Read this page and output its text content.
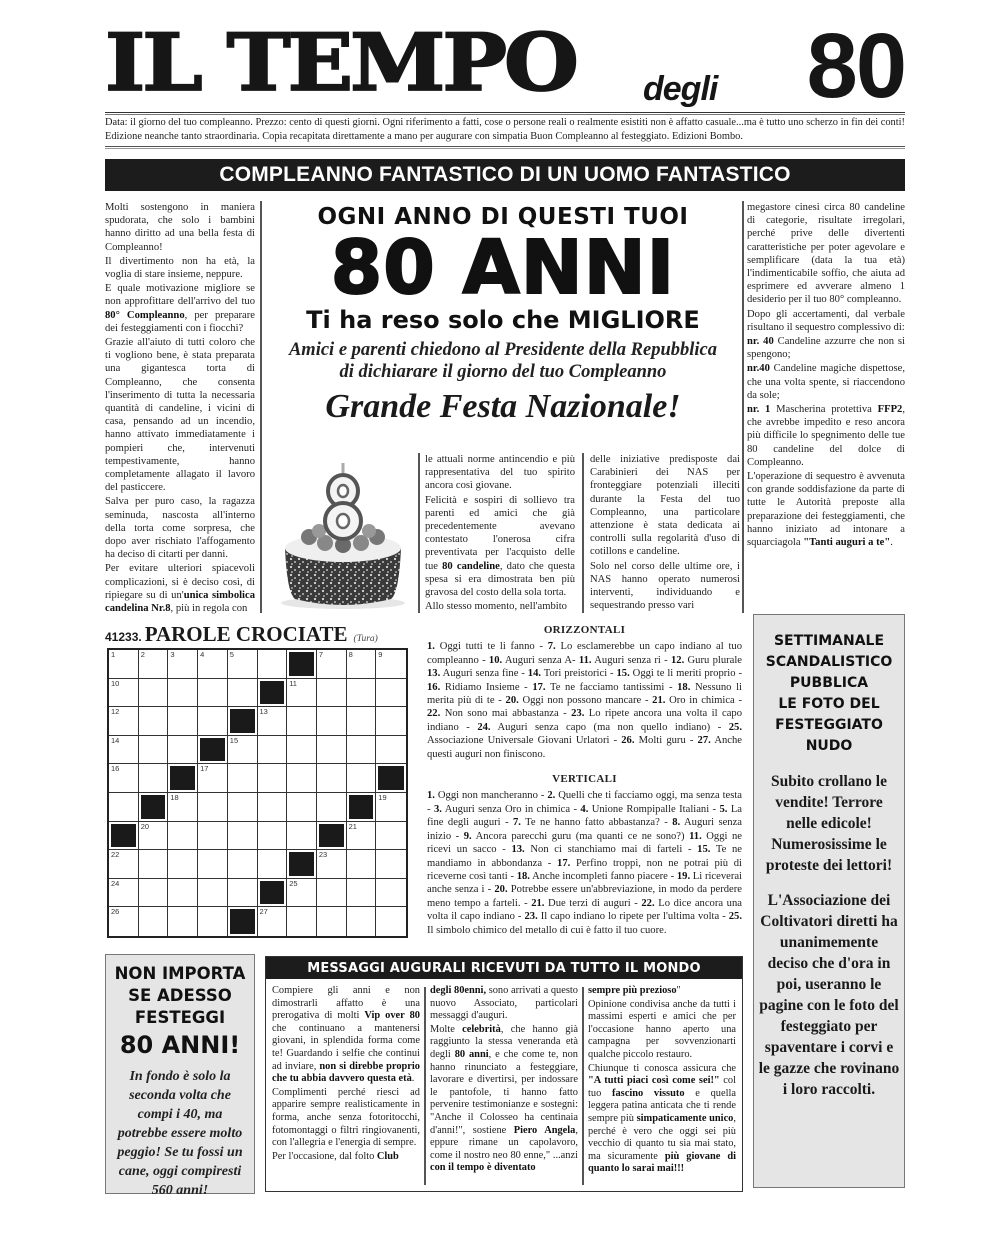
IL TEMPO degli 80
Data: il giorno del tuo compleanno. Prezzo: cento di questi giorni. Ogni riferimento a fatti, cose o persone reali o realmente esistiti non è affatto casuale...ma è tutto uno scherzo in fin dei conti! Edizione neanche tanto straordinaria. Copia recapitata direttamente a mano per augurare con simpatia Buon Compleanno al festeggiato. Edizioni Bombo.
COMPLEANNO FANTASTICO DI UN UOMO FANTASTICO

Molti sostengono in maniera spudorata, che solo i bambini hanno diritto ad una bella festa di Compleanno!

Il divertimento non ha età, la voglia di stare insieme, neppure.

E quale motivazione migliore se non approfittare dell'arrivo del tuo 80° Compleanno, per preparare dei festeggiamenti con i fiocchi?

Grazie all'aiuto di tutti coloro che ti vogliono bene, è stata preparata una gigantesca torta di Compleanno, che consenta l'inserimento di tutta la necessaria quantità di candeline, i vicini di casa, pensando ad un incendio, hanno attivato immediatamente i pompieri che, intervenuti tempestivamente, hanno completamente allagato il lavoro del pasticcere.

Salva per puro caso, la ragazza seminuda, nascosta all'interno della torta come sorpresa, che dopo aver rischiato l'affogamento ha deciso di citarti per danni.

Per evitare ulteriori spiacevoli complicazioni, si è deciso così, di ripiegare su di un'unica simbolica candelina Nr.8, più in regola con

OGNI ANNO DI QUESTI TUOI
80 ANNI
Ti ha reso solo che MIGLIORE
Amici e parenti chiedono al Presidente della Repubblica
di dichiarare il giorno del tuo Compleanno
Grande Festa Nazionale!

le attuali norme antincendio e più rappresentativa del tuo spirito ancora così giovane.

Felicità e sospiri di sollievo tra parenti ed amici che già precedentemente avevano contestato l'onerosa cifra preventivata per l'acquisto delle tue 80 candeline, dato che questa spesa si era dimostrata ben più gravosa del costo della sola torta.

Allo stesso momento, nell'ambito

delle iniziative predisposte dai Carabinieri dei NAS per fronteggiare potenziali illeciti durante la Festa del tuo Compleanno, una particolare attenzione è stata dedicata ai controlli sulla regolarità d'uso di cotillons e candeline.

Solo nel corso delle ultime ore, i NAS hanno operato numerosi interventi, individuando e sequestrando presso vari

megastore cinesi circa 80 candeline di categorie, risultate irregolari, perché prive delle divertenti caratteristiche per poter agevolare e semplificare (data la tua età) l'indimenticabile soffio, che aiuta ad esprimere ed avverare almeno 1 desiderio per il tuo 80° compleanno.

Dopo gli accertamenti, dal verbale risultano il sequestro complessivo di:

nr. 40 Candeline azzurre che non si spengono;

nr.40 Candeline magiche dispettose, che una volta spente, si riaccendono da sole;

nr. 1 Mascherina protettiva FFP2, che avrebbe impedito e reso ancora più difficile lo spegnimento delle tue 80 candeline del dolce di Compleanno.

L'operazione di sequestro è avvenuta con grande soddisfazione da parte di tutte le Autorità preposte alla preparazione dei festeggiamenti, che hanno iniziato ad intonare a squarciagola "Tanti auguri a te".

41233. PAROLE CROCIATE (Tura)
1	2	3	4	5	7	8	9
10	11
12	13
14	15
16	17
18	19
20	21
22	23
24	25
26	27
ORIZZONTALI
1. Oggi tutti te li fanno - 7. Lo esclamerebbe un capo indiano al tuo compleanno - 10. Auguri senza A- 11. Auguri senza ri - 12. Guru plurale 13. Auguri senza fine - 14. Tori preistorici - 15. Oggi te li meriti proprio - 16. Ridiamo Insieme - 17. Te ne facciamo tantissimi - 18. Nessuno li merita più di te - 20. Oggi non possono mancare - 21. Oro in chimica - 22. Non sono mai abbastanza - 23. Lo ripete ancora una volta il capo indiano - 24. Auguri senza capo (ma non quello indiano) - 25. Associazione Universale Giovani Urlatori - 26. Molti guru - 27. Anche questi auguri non finiscono.
VERTICALI
1. Oggi non mancheranno - 2. Quelli che ti facciamo oggi, ma senza testa - 3. Auguri senza Oro in chimica - 4. Unione Rompipalle Italiani - 5. La fine degli auguri - 7. Te ne hanno fatto abbastanza? - 8. Auguri senza inizio - 9. Ancora parecchi guru (ma quanti ce ne sono?) 11. Oggi ne ricevi un sacco - 13. Non ci stanchiamo mai di farteli - 15. Te ne mandiamo in abbondanza - 17. Perfino troppi, non ne potrai più di riceverne così tanti - 18. Anche incompleti fanno piacere - 19. Li riceverai anche senza i - 20. Potrebbe essere un'abbreviazione, in modo da perdere meno tempo a farteli. - 21. Due terzi di auguri - 22. Lo dice ancora una volta il capo indiano - 23. Il capo indiano lo ripete per l'ultima volta - 25. Il simbolo chimico del metallo di cui è fatto il tuo cuore.
SETTIMANALE
SCANDALISTICO
PUBBLICA
LE FOTO DEL
FESTEGGIATO
NUDO
Subito crollano le vendite! Terrore nelle edicole! Numerosissime le proteste dei lettori!
L'Associazione dei Coltivatori diretti ha unanimemente deciso che d'ora in poi, useranno le pagine con le foto del festeggiato per spaventare i corvi e le gazze che rovinano i loro raccolti.
NON IMPORTA
SE ADESSO
FESTEGGI
80 ANNI!
In fondo è solo la seconda volta che compi i 40, ma potrebbe essere molto peggio! Se tu fossi un cane, oggi compiresti 560 anni!
MESSAGGI AUGURALI RICEVUTI DA TUTTO IL MONDO

Compiere gli anni e non dimostrarli affatto è una prerogativa di molti Vip over 80 che continuano a mantenersi giovani, in splendida forma come te! Guardando i selfie che continui ad inviare, non si direbbe proprio che tu abbia davvero questa età.

Complimenti perché riesci ad apparire sempre realisticamente in forma, anche senza fotoritocchi, fotomontaggi o filtri ringiovanenti, con l'allegria e l'energia di sempre.

Per l'occasione, dal folto Club

degli 80enni, sono arrivati a questo nuovo Associato, particolari messaggi d'auguri.

Molte celebrità, che hanno già raggiunto la stessa veneranda età degli 80 anni, e che come te, non hanno rinunciato a festeggiare, lavorare e divertirsi, per indossare le pantofole, ti hanno fatto pervenire testimonianze e sostegni: "Anche il Colosseo ha centinaia d'anni!", sostiene Piero Angela, eppure rimane un capolavoro, come il nostro neo 80 enne," ...anzi con il tempo è diventato

sempre più prezioso"

Opinione condivisa anche da tutti i massimi esperti e amici che per l'occasione hanno aperto una campagna per sovvenzionarti qualche piccolo restauro.

Chiunque ti conosca assicura che "A tutti piaci così come sei!" col tuo fascino vissuto e quella leggera patina anticata che ti rende sempre più simpaticamente unico, perché è vero che oggi sei più vecchio di quanto tu sia mai stato, ma sicuramente più giovane di quanto lo sarai mai!!!
